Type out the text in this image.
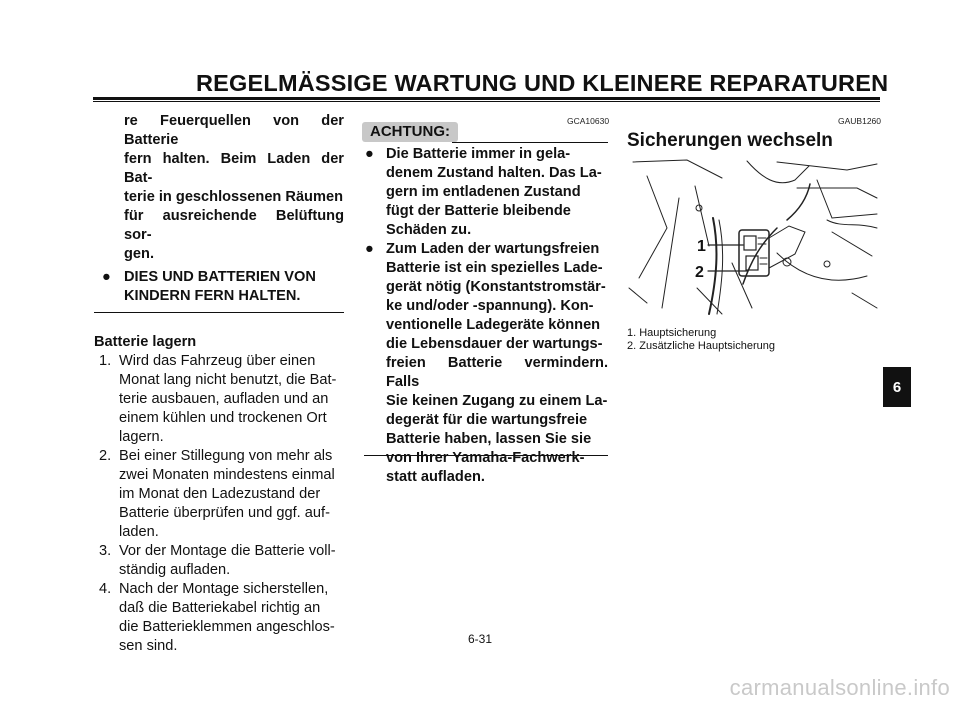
REGELMÄSSIGE WARTUNG UND KLEINERE REPARATUREN
re Feuerquellen von der Batterie
fern halten. Beim Laden der Bat-
terie in geschlossenen Räumen
für ausreichende Belüftung sor-
gen.
● DIES UND BATTERIEN VON
KINDERN FERN HALTEN.
Batterie lagern
1. Wird das Fahrzeug über einen
Monat lang nicht benutzt, die Bat-
terie ausbauen, aufladen und an
einem kühlen und trockenen Ort
lagern.
2. Bei einer Stillegung von mehr als
zwei Monaten mindestens einmal
im Monat den Ladezustand der
Batterie überprüfen und ggf. auf-
laden.
3. Vor der Montage die Batterie voll-
ständig aufladen.
4. Nach der Montage sicherstellen,
daß die Batteriekabel richtig an
die Batterieklemmen angeschlos-
sen sind.
GCA10630
ACHTUNG:
● Die Batterie immer in gela-
denem Zustand halten. Das La-
gern im entladenen Zustand
fügt der Batterie bleibende
Schäden zu.
● Zum Laden der wartungsfreien
Batterie ist ein spezielles Lade-
gerät nötig (Konstantstromstär-
ke und/oder -spannung). Kon-
ventionelle Ladegeräte können
die Lebensdauer der wartungs-
freien Batterie vermindern. Falls
Sie keinen Zugang zu einem La-
degerät für die wartungsfreie
Batterie haben, lassen Sie sie
von Ihrer Yamaha-Fachwerk-
statt aufladen.
GAUB1260
Sicherungen wechseln
1
2
1. Hauptsicherung
2. Zusätzliche Hauptsicherung
6
6-31
carmanualsonline.info
